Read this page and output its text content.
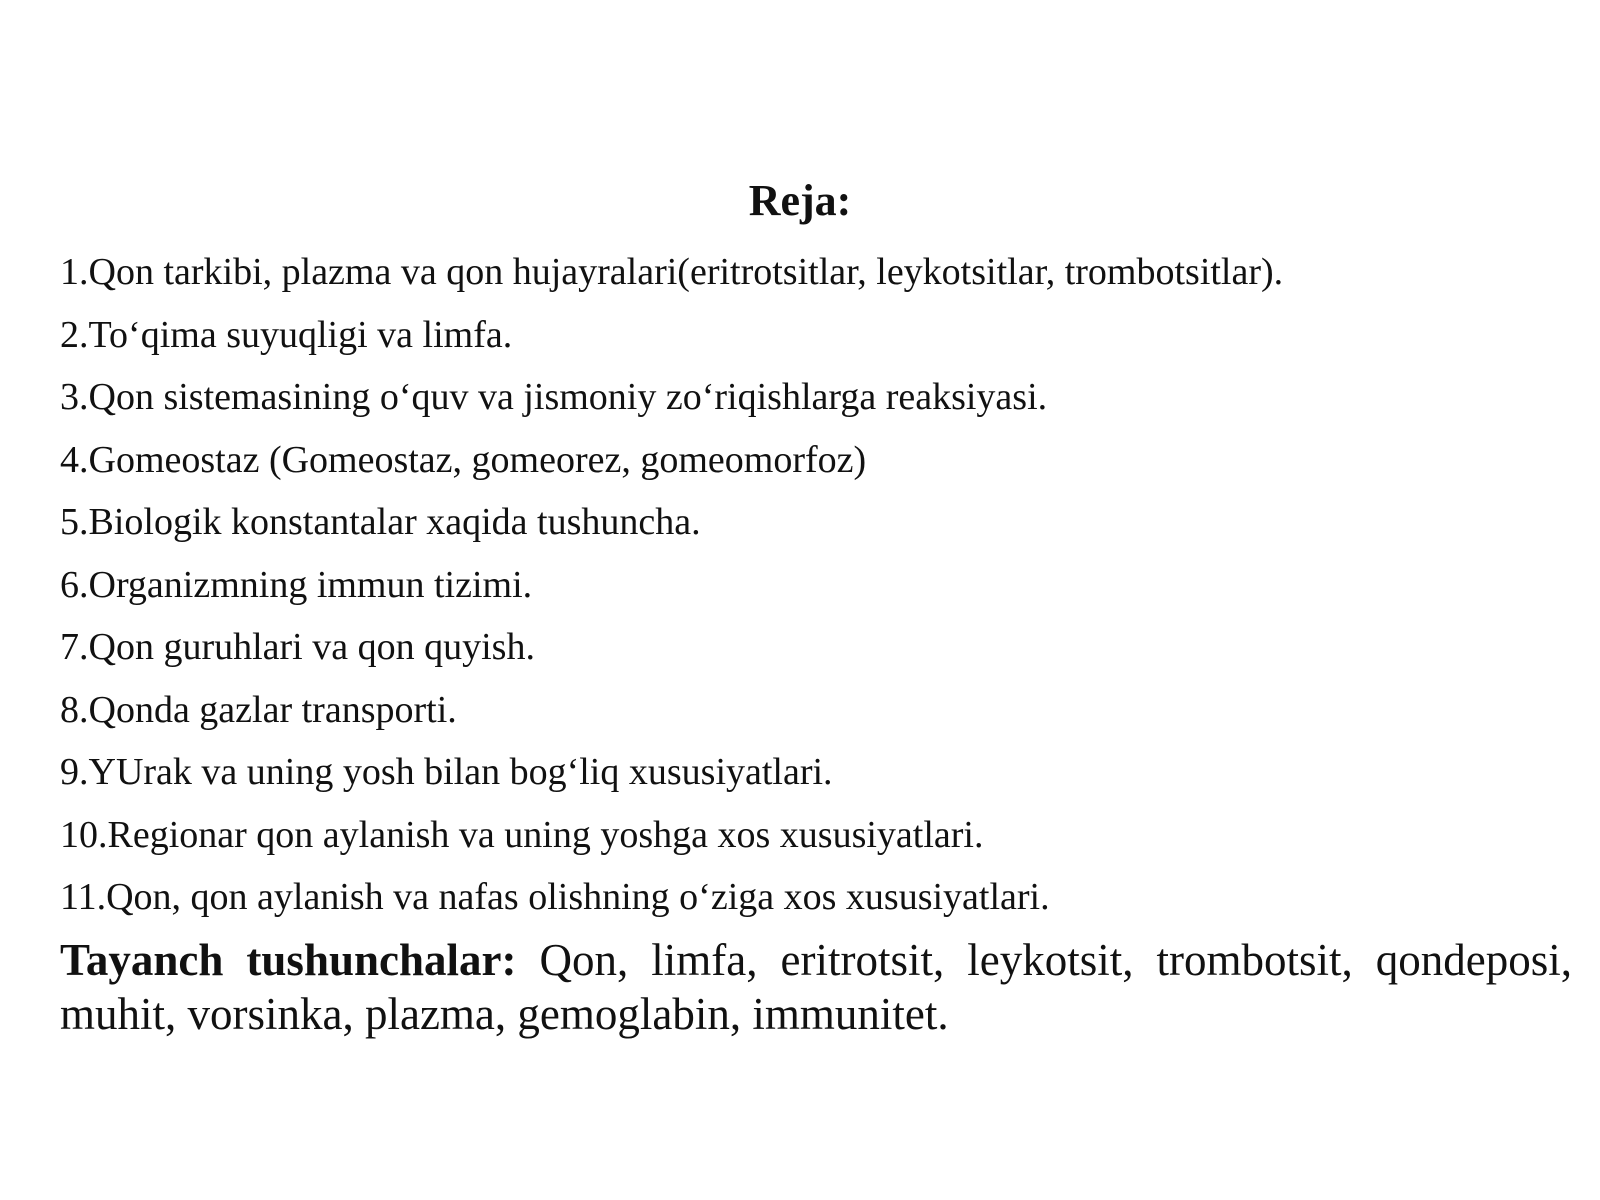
Reja:
1.Qon tarkibi, plazma va qon hujayralari(eritrotsitlar, leykotsitlar, trombotsitlar).
2.To‘qima suyuqligi va limfa.
3.Qon sistemasining o‘quv va jismoniy zo‘riqishlarga reaksiyasi.
4.Gomeostaz (Gomeostaz, gomeorez, gomeomorfoz)
5.Biologik konstantalar xaqida tushuncha.
6.Organizmning immun tizimi.
7.Qon guruhlari va qon quyish.
8.Qonda gazlar transporti.
9.YUrak va uning yosh bilan bog‘liq xususiyatlari.
10.Regionar qon aylanish va uning yoshga xos xususiyatlari.
11.Qon, qon aylanish va nafas olishning o‘ziga xos xususiyatlari.
Tayanch tushunchalar: Qon, limfa, eritrotsit, leykotsit, trombotsit, qondeposi, muhit, vorsinka, plazma, gemoglabin, immunitet.
